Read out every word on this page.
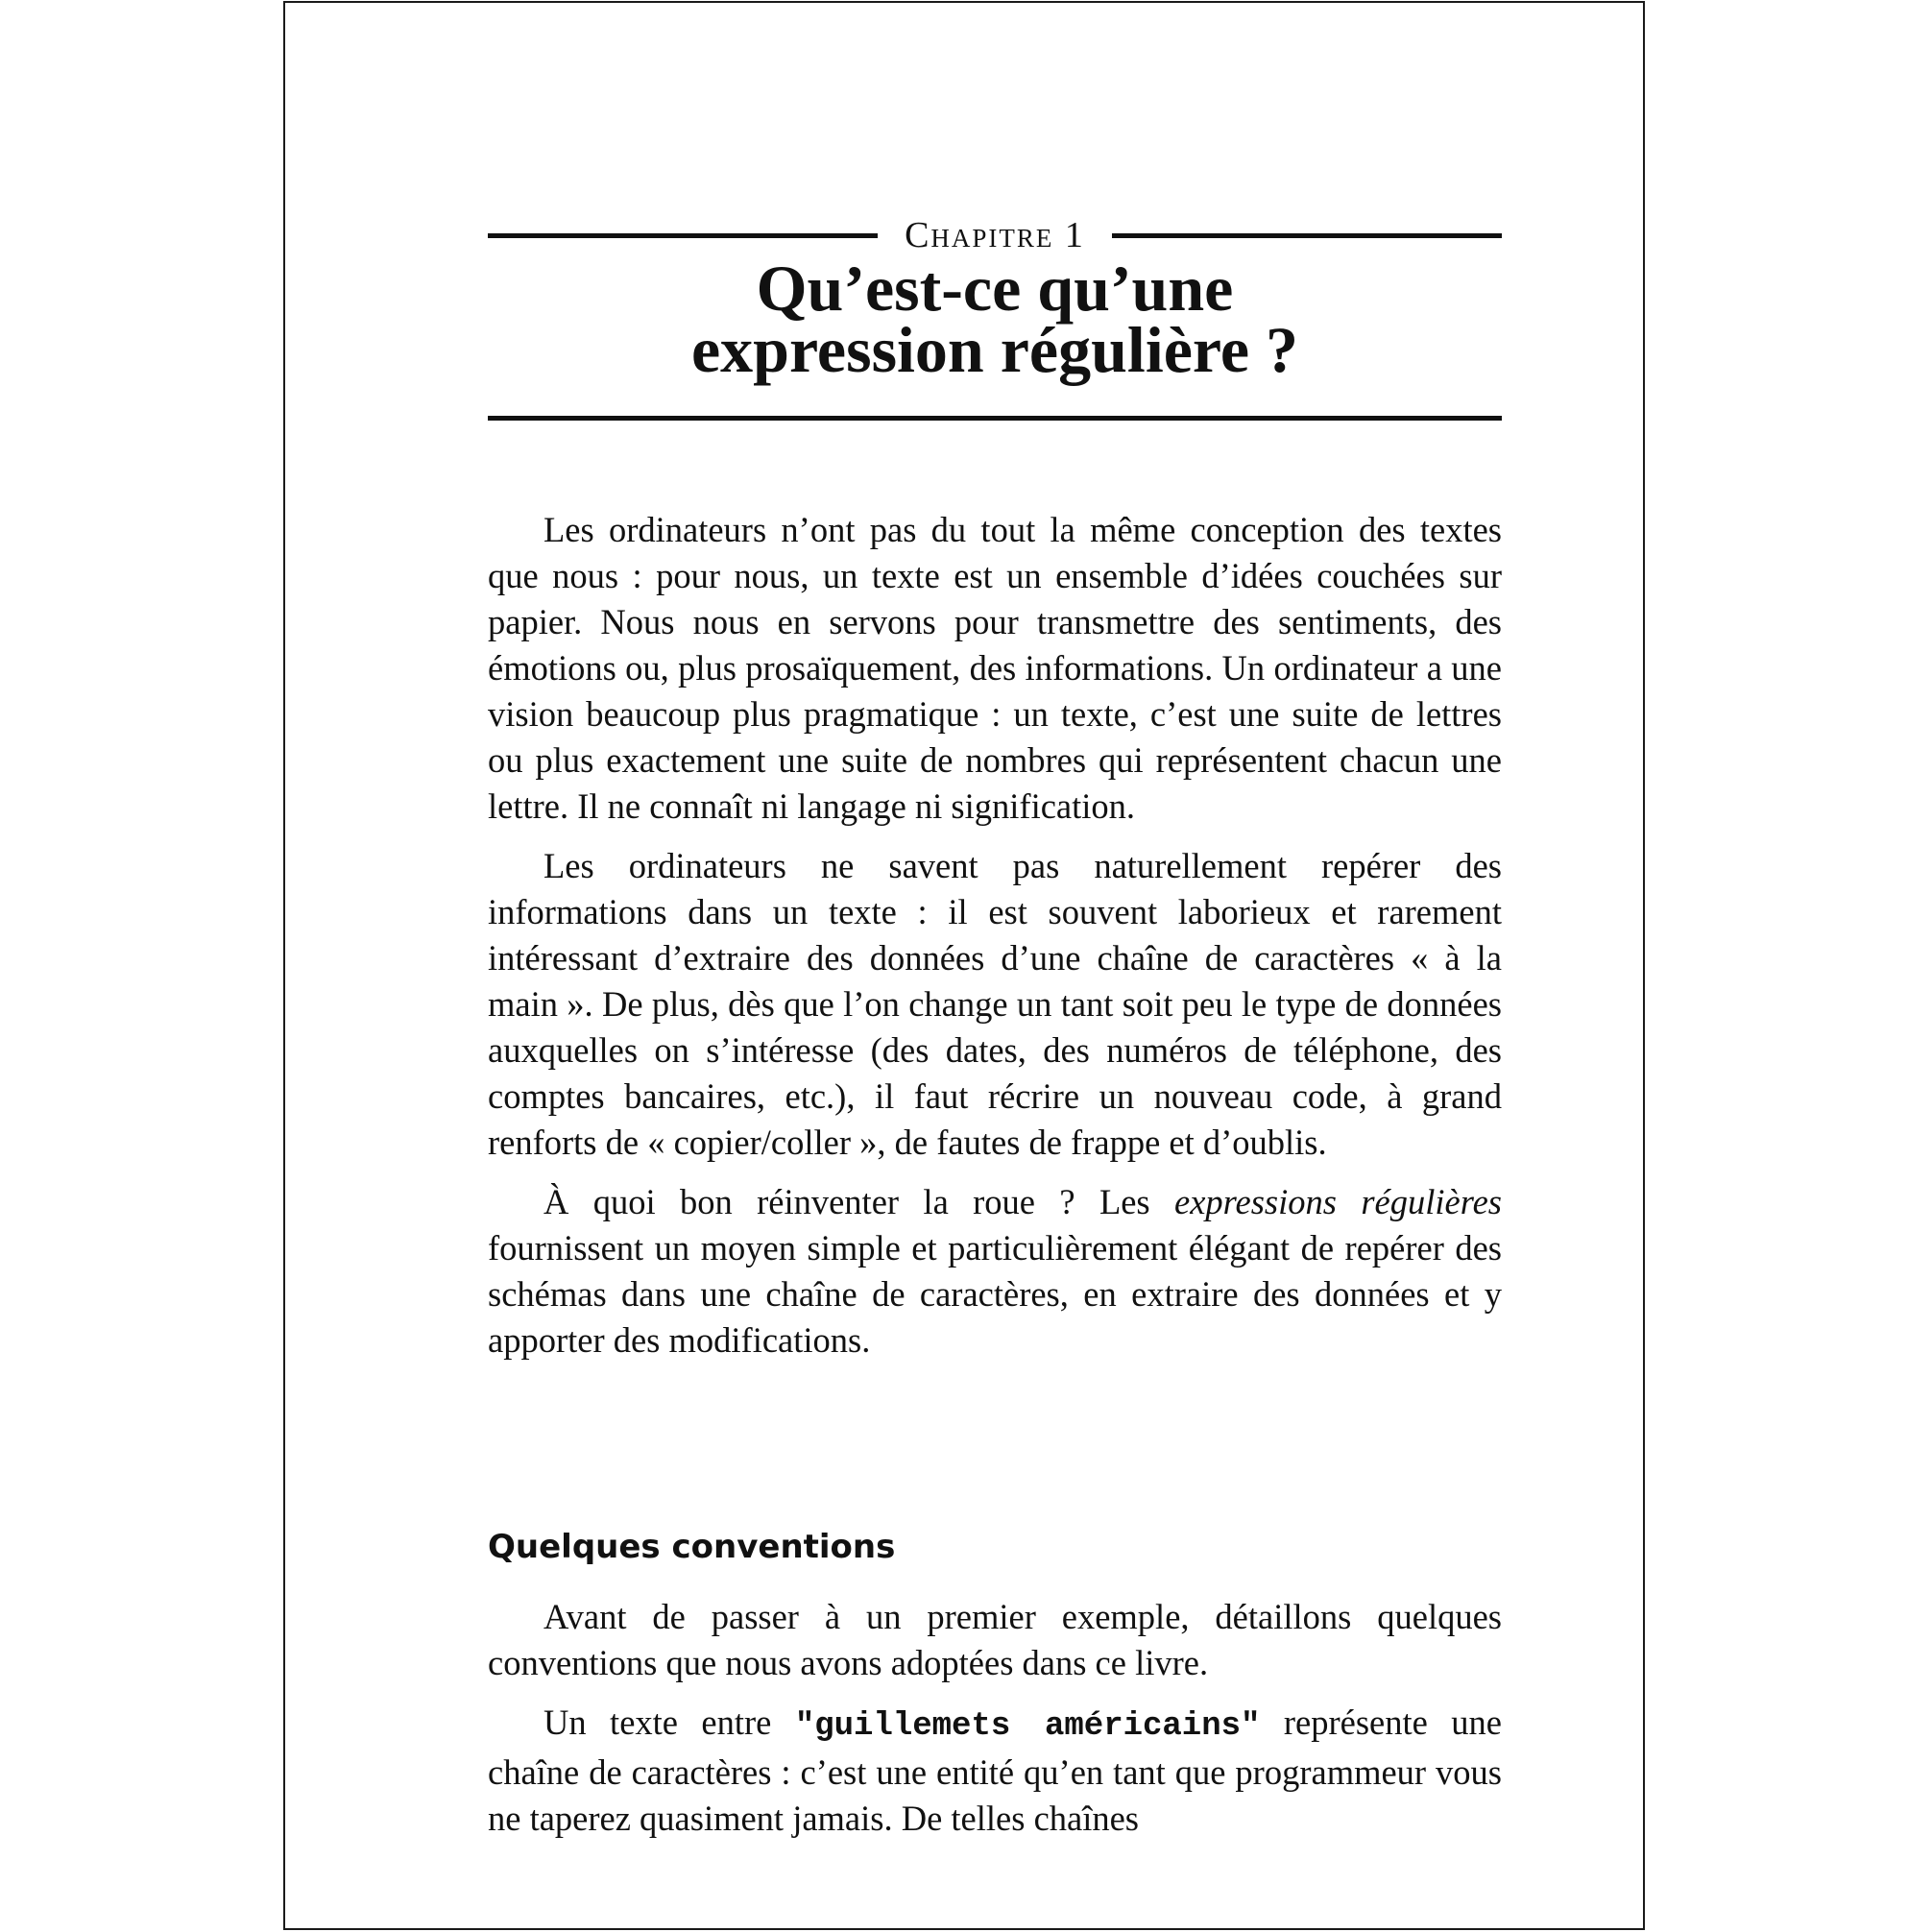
Chapitre 1
Qu’est-ce qu’une
expression régulière ?

Les ordinateurs n’ont pas du tout la même conception des textes que nous : pour nous, un texte est un ensemble d’idées couchées sur papier. Nous nous en servons pour transmettre des sentiments, des émotions ou, plus prosaïquement, des informations. Un ordinateur a une vision beaucoup plus pragmatique : un texte, c’est une suite de lettres ou plus exactement une suite de nombres qui représentent chacun une lettre. Il ne connaît ni langage ni signification.

Les ordinateurs ne savent pas naturellement repérer des informations dans un texte : il est souvent laborieux et rarement intéressant d’extraire des données d’une chaîne de caractères « à la main ». De plus, dès que l’on change un tant soit peu le type de données auxquelles on s’intéresse (des dates, des numéros de téléphone, des comptes bancaires, etc.), il faut récrire un nouveau code, à grand renforts de « copier/coller », de fautes de frappe et d’oublis.

À quoi bon réinventer la roue ? Les expressions régulières fournissent un moyen simple et particulièrement élégant de repérer des schémas dans une chaîne de caractères, en extraire des données et y apporter des modifications.

Quelques conventions

Avant de passer à un premier exemple, détaillons quelques conventions que nous avons adoptées dans ce livre.

Un texte entre "guillemets américains" représente une chaîne de caractères : c’est une entité qu’en tant que programmeur vous ne taperez quasiment jamais. De telles chaînes
